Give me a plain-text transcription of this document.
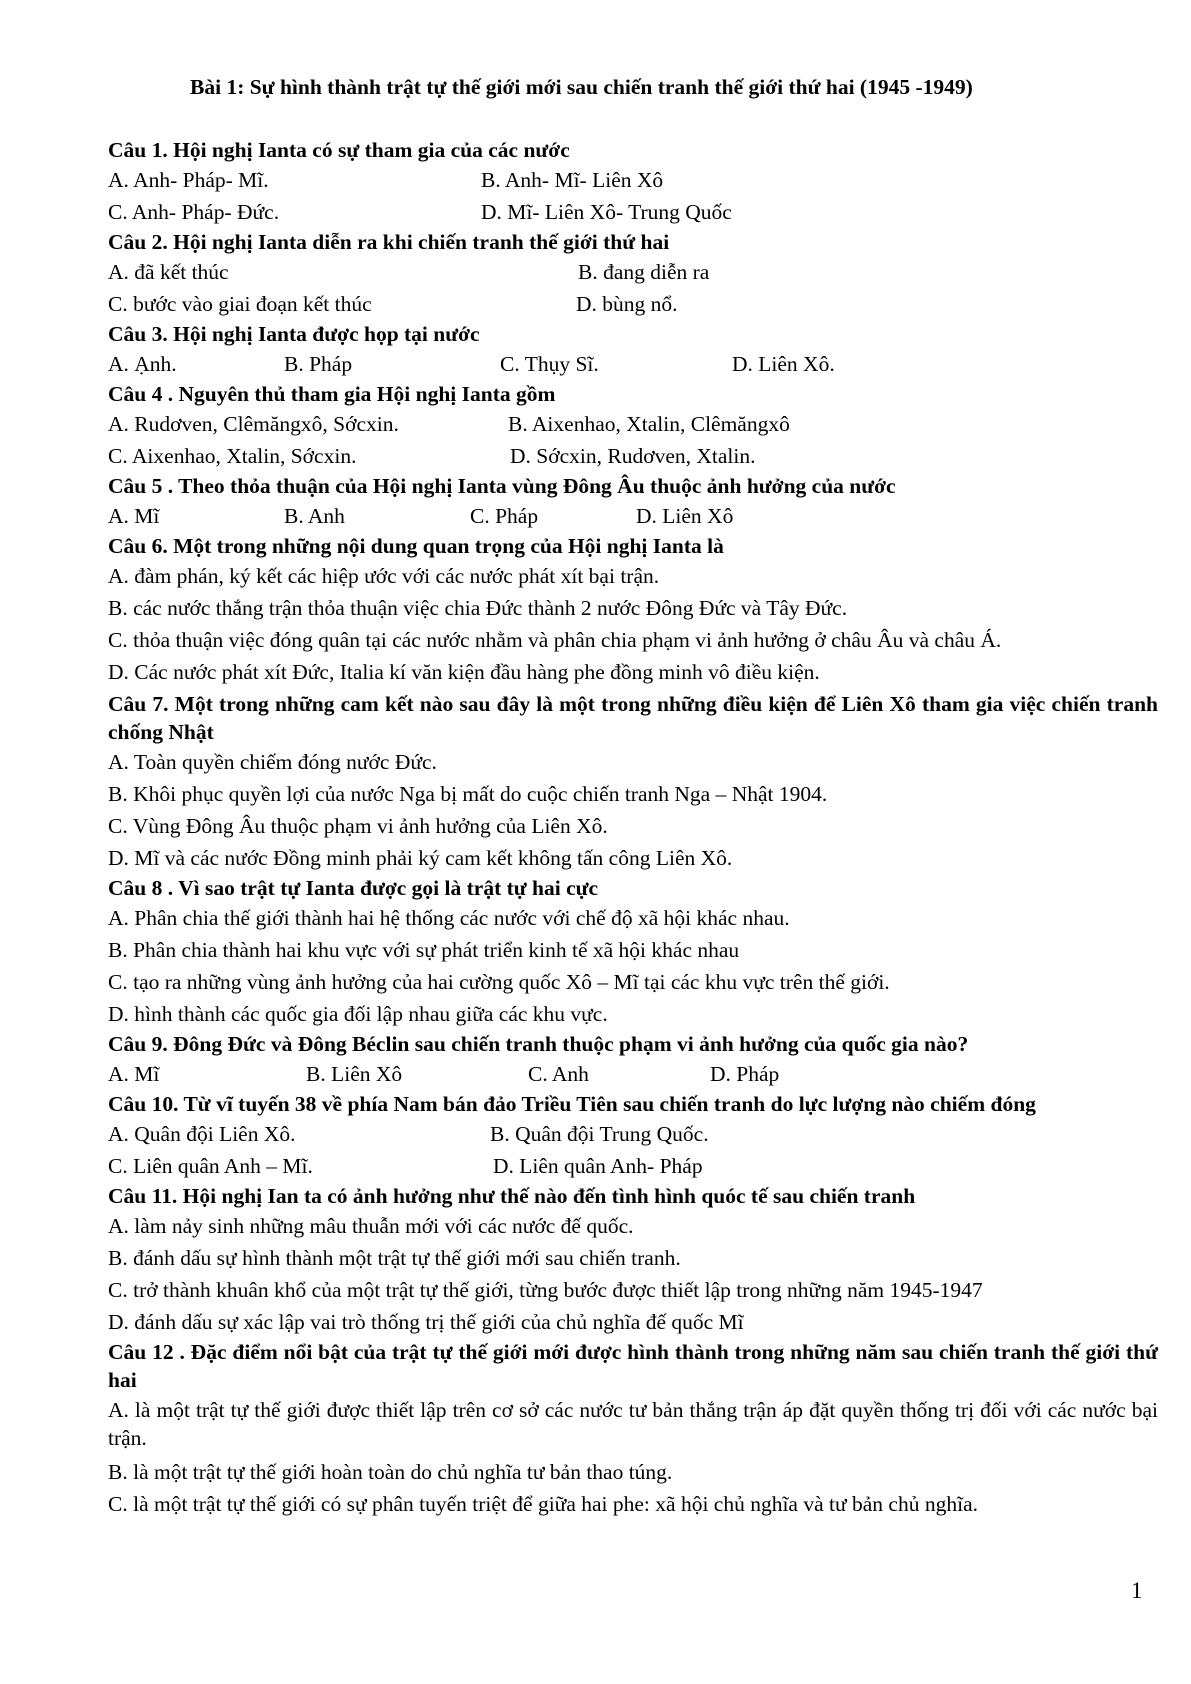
Bài 1: Sự hình thành trật tự thế giới mới sau chiến tranh thế giới thứ hai (1945 -1949)

Câu 1. Hội nghị Ianta có sự tham gia của các nước

A. Anh- Pháp- Mĩ.	B. Anh- Mĩ- Liên Xô
C. Anh- Pháp- Đức.	D. Mĩ- Liên Xô- Trung Quốc

Câu 2. Hội nghị Ianta diễn ra khi chiến tranh thế giới thứ hai

A. đã kết thúc	B. đang diễn ra
C. bước vào giai đoạn kết thúc	D. bùng nổ.

Câu 3. Hội nghị Ianta được họp tại nước

A. Ạnh.	B. Pháp	C. Thụy Sĩ.	D. Liên Xô.

Câu 4 . Nguyên thủ tham gia Hội nghị Ianta gồm

A. Rudơven, Clêmăngxô, Sớcxin.	B. Aixenhao, Xtalin, Clêmăngxô
C. Aixenhao, Xtalin, Sớcxin.	D. Sớcxin, Rudơven, Xtalin.

Câu 5 . Theo thỏa thuận của Hội nghị Ianta vùng Đông Âu thuộc ảnh hưởng của nước

A. Mĩ	B. Anh	C. Pháp	D. Liên Xô

Câu 6. Một trong những nội dung quan trọng của Hội nghị Ianta là

A. đàm phán, ký kết các hiệp ước với các nước phát xít bại trận.

B. các nước thắng trận thỏa thuận việc chia Đức thành 2 nước Đông Đức và Tây Đức.

C. thỏa thuận việc đóng quân tại các nước nhằm và phân chia phạm vi ảnh hưởng ở châu Âu và châu Á.

D. Các nước phát xít Đức, Italia kí văn kiện đầu hàng phe đồng minh vô điều kiện.

Câu 7. Một trong những cam kết nào sau đây là một trong những điều kiện để Liên Xô tham gia việc chiến tranh chống Nhật

A. Toàn quyền chiếm đóng nước Đức.

B. Khôi phục quyền lợi của nước Nga bị mất do cuộc chiến tranh Nga – Nhật 1904.

C. Vùng Đông Âu thuộc phạm vi ảnh hưởng của Liên Xô.

D. Mĩ và các nước Đồng minh phải ký cam kết không tấn công Liên Xô.

Câu 8 . Vì sao trật tự Ianta được gọi là trật tự hai cực

A. Phân chia thế giới thành hai hệ thống các nước với chế độ xã hội khác nhau.

B. Phân chia thành hai khu vực với sự phát triển kinh tế xã hội khác nhau

C. tạo ra những vùng ảnh hưởng của hai cường quốc Xô – Mĩ tại các khu vực trên thế giới.

D. hình thành các quốc gia đối lập nhau giữa các khu vực.

Câu 9. Đông Đức và Đông Béclin sau chiến tranh thuộc phạm vi ảnh hưởng của quốc gia nào?

A. Mĩ	B. Liên Xô	C. Anh	D. Pháp

Câu 10. Từ vĩ tuyến 38 về phía Nam bán đảo Triều Tiên sau chiến tranh do lực lượng nào chiếm đóng

A. Quân đội Liên Xô.	B. Quân đội Trung Quốc.
C. Liên quân Anh – Mĩ.	D. Liên quân Anh- Pháp

Câu 11. Hội nghị Ian ta có ảnh hưởng như thế nào đến tình hình quóc tế sau chiến tranh

A. làm nảy sinh những mâu thuẫn mới với các nước đế quốc.

B. đánh dấu sự hình thành một trật tự thế giới mới sau chiến tranh.

C. trở thành khuân khổ của một trật tự thế giới, từng bước được thiết lập trong những năm 1945-1947

D. đánh dấu sự xác lập vai trò thống trị thế giới của chủ nghĩa đế quốc Mĩ

Câu 12 . Đặc điểm nổi bật của trật tự thế giới mới được hình thành trong những năm sau chiến tranh thế giới thứ hai

A. là một trật tự thế giới được thiết lập trên cơ sở các nước tư bản thắng trận áp đặt quyền thống trị đối với các nước bại trận.

B. là một trật tự thế giới hoàn toàn do chủ nghĩa tư bản thao túng.

C. là một trật tự thế giới có sự phân tuyến triệt để giữa hai phe: xã hội chủ nghĩa và tư bản chủ nghĩa.

1
